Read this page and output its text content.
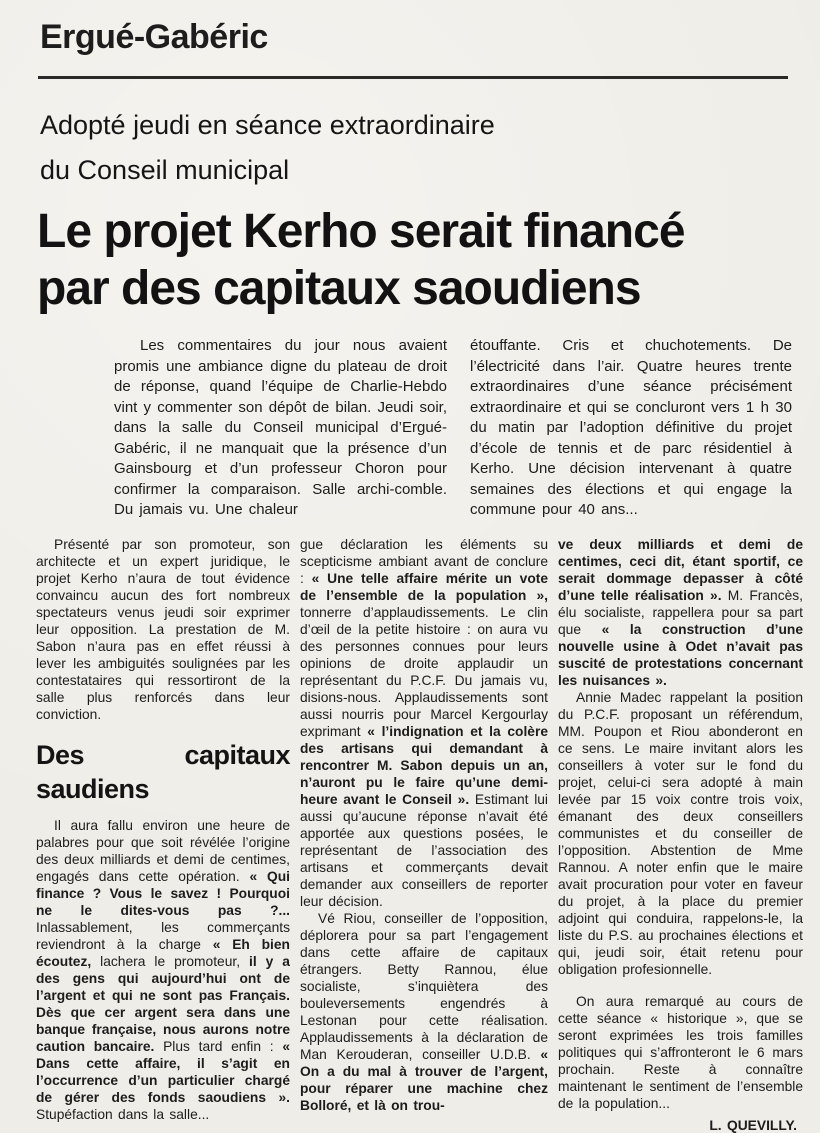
Ergué-Gabéric
Adopté jeudi en séance extraordinaire
du Conseil municipal
Le projet Kerho serait financé
par des capitaux saoudiens

Les commentaires du jour nous avaient promis une ambiance digne du plateau de droit de réponse, quand l’équipe de Charlie-Hebdo vint y commenter son dépôt de bilan. Jeudi soir, dans la salle du Conseil municipal d’Ergué-Gabéric, il ne manquait que la présence d’un Gainsbourg et d’un professeur Choron pour confirmer la comparaison. Salle archi-comble. Du jamais vu. Une chaleur

étouffante. Cris et chuchotements. De l’électricité dans l’air. Quatre heures trente extraordinaires d’une séance précisément extraordinaire et qui se concluront vers 1 h 30 du matin par l’adoption définitive du projet d’école de tennis et de parc résidentiel à Kerho. Une décision intervenant à quatre semaines des élections et qui engage la commune pour 40 ans...

Présenté par son promoteur, son architecte et un expert juridique, le projet Kerho n’aura de tout évidence convaincu aucun des fort nombreux spectateurs venus jeudi soir exprimer leur opposition. La prestation de M. Sabon n’aura pas en effet réussi à lever les ambiguités soulignées par les contestataires qui ressortiront de la salle plus renforcés dans leur conviction.

Des capitaux saudiens

Il aura fallu environ une heure de palabres pour que soit révélée l’origine des deux milliards et demi de centimes, engagés dans cette opération. « Qui finance ? Vous le savez ! Pourquoi ne le dites-vous pas ?... Inlassablement, les commerçants reviendront à la charge « Eh bien écoutez, lachera le promoteur, il y a des gens qui aujourd’hui ont de l’argent et qui ne sont pas Français. Dès que cer argent sera dans une banque française, nous aurons notre caution bancaire. Plus tard enfin : « Dans cette affaire, il s’agit en l’occurrence d’un particulier chargé de gérer des fonds saoudiens ». Stupéfaction dans la salle...

gue déclaration les éléments su scepticisme ambiant avant de conclure : « Une telle affaire mérite un vote de l’ensemble de la population », tonnerre d’applaudissements. Le clin d’œil de la petite histoire : on aura vu des personnes connues pour leurs opinions de droite applaudir un représentant du P.C.F. Du jamais vu, disions-nous. Applaudissements sont aussi nourris pour Marcel Kergourlay exprimant « l’indignation et la colère des artisans qui demandant à rencontrer M. Sabon depuis un an, n’auront pu le faire qu’une demi-heure avant le Conseil ». Estimant lui aussi qu’aucune réponse n’avait été apportée aux questions posées, le représentant de l’association des artisans et commerçants devait demander aux conseillers de reporter leur décision.

Vé Riou, conseiller de l’opposition, déplorera pour sa part l’engagement dans cette affaire de capitaux étrangers. Betty Rannou, élue socialiste, s’inquiètera des bouleversements engendrés à Lestonan pour cette réalisation. Applaudissements à la déclaration de Man Kerouderan, conseiller U.D.B. « On a du mal à trouver de l’argent, pour réparer une machine chez Bolloré, et là on trou-

ve deux milliards et demi de centimes, ceci dit, étant sportif, ce serait dommage depasser à côté d’une telle réalisation ». M. Francès, élu socialiste, rappellera pour sa part que « la construction d’une nouvelle usine à Odet n’avait pas suscité de protestations concernant les nuisances ».

Annie Madec rappelant la position du P.C.F. proposant un référendum, MM. Poupon et Riou abonderont en ce sens. Le maire invitant alors les conseillers à voter sur le fond du projet, celui-ci sera adopté à main levée par 15 voix contre trois voix, émanant des deux conseillers communistes et du conseiller de l’opposition. Abstention de Mme Rannou. A noter enfin que le maire avait procuration pour voter en faveur du projet, à la place du premier adjoint qui conduira, rappelons-le, la liste du P.S. au prochaines élections et qui, jeudi soir, était retenu pour obligation profesionnelle.

On aura remarqué au cours de cette séance « historique », que se seront exprimées les trois familles politiques qui s’affronteront le 6 mars prochain. Reste à connaître maintenant le sentiment de l’ensemble de la population...

L. QUEVILLY.
